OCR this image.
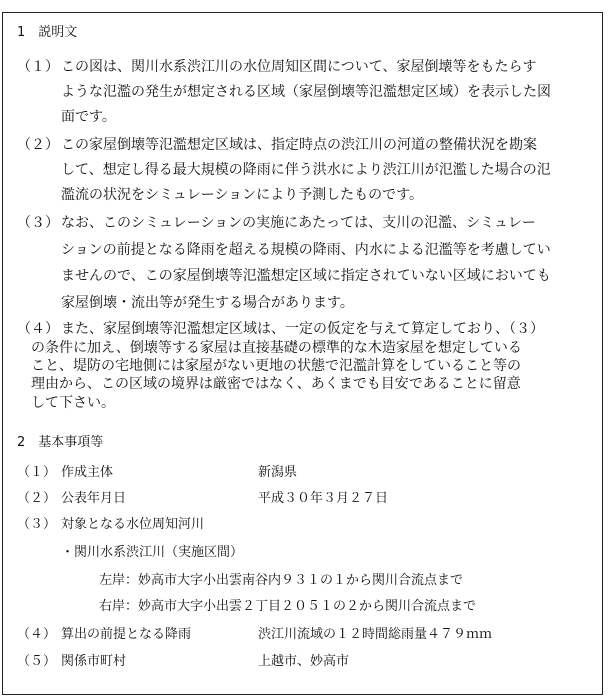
1　説明文
（１） この図は、関川水系渋江川の水位周知区間について、家屋倒壊等をもたらす
ような氾濫の発生が想定される区域（家屋倒壊等氾濫想定区域）を表示した図
面です。
（２） この家屋倒壊等氾濫想定区域は、指定時点の渋江川の河道の整備状況を勘案
して、想定し得る最大規模の降雨に伴う洪水により渋江川が氾濫した場合の氾
濫流の状況をシミュレーションにより予測したものです。
（３） なお、このシミュレーションの実施にあたっては、支川の氾濫、シミュレー
ションの前提となる降雨を超える規模の降雨、内水による氾濫等を考慮してい
ませんので、この家屋倒壊等氾濫想定区域に指定されていない区域においても
家屋倒壊・流出等が発生する場合があります。
（４） また、家屋倒壊等氾濫想定区域は、一定の仮定を与えて算定しており、（３）
の条件に加え、倒壊等する家屋は直接基礎の標準的な木造家屋を想定している
こと、堤防の宅地側には家屋がない更地の状態で氾濫計算をしていること等の
理由から、この区域の境界は厳密ではなく、あくまでも目安であることに留意
して下さい。
2　基本事項等
（１） 作成主体	新潟県
（２） 公表年月日	平成３０年３月２７日
（３） 対象となる水位周知河川
・関川水系渋江川（実施区間）
左岸：妙高市大字小出雲南谷内９３１の１から関川合流点まで
右岸：妙高市大字小出雲２丁目２０５１の２から関川合流点まで
（４） 算出の前提となる降雨	渋江川流域の１２時間総雨量４７９ｍｍ
（５） 関係市町村	上越市、妙高市
